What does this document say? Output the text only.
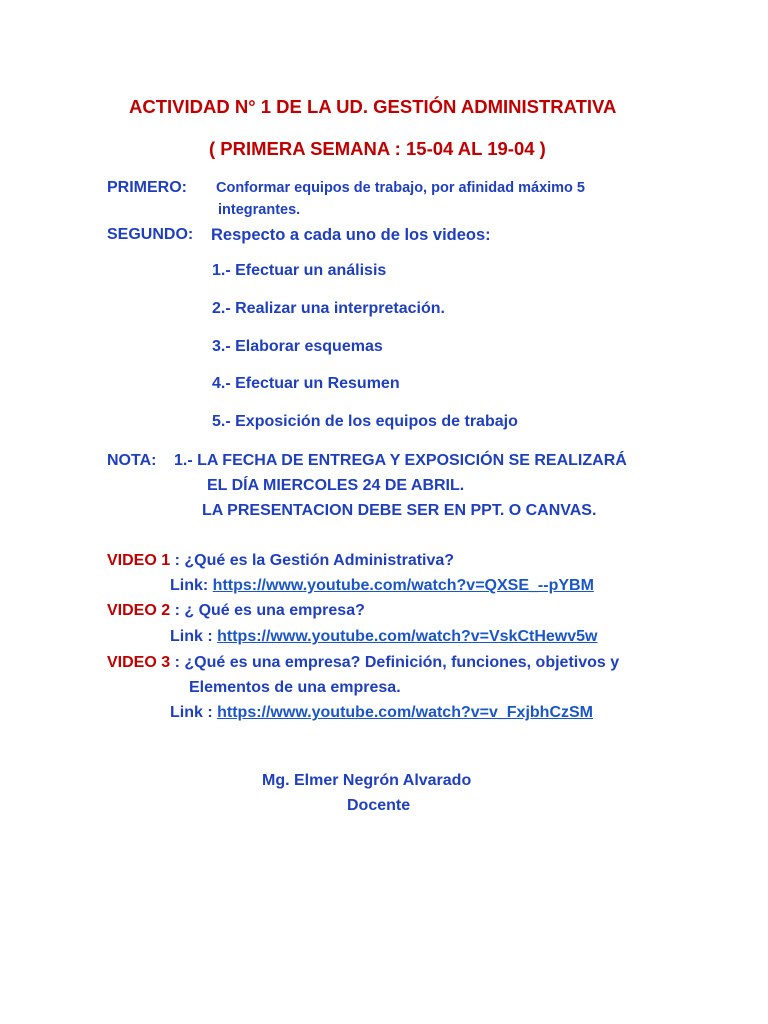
ACTIVIDAD N° 1 DE LA UD. GESTIÓN ADMINISTRATIVA
( PRIMERA SEMANA : 15-04 AL 19-04 )
PRIMERO: Conformar equipos de trabajo, por afinidad máximo 5
integrantes.
SEGUNDO: Respecto a cada uno de los videos:
1.- Efectuar un análisis
2.- Realizar una interpretación.
3.- Elaborar esquemas
4.- Efectuar un Resumen
5.- Exposición de los equipos de trabajo
NOTA: 1.- LA FECHA DE ENTREGA Y EXPOSICIÓN SE REALIZARÁ
EL DÍA MIERCOLES 24 DE ABRIL.
LA PRESENTACION DEBE SER EN PPT. O CANVAS.
VIDEO 1 : ¿Qué es la Gestión Administrativa?
Link: https://www.youtube.com/watch?v=QXSE_--pYBM
VIDEO 2 : ¿ Qué es una empresa?
Link : https://www.youtube.com/watch?v=VskCtHewv5w
VIDEO 3 : ¿Qué es una empresa? Definición, funciones, objetivos y
Elementos de una empresa.
Link : https://www.youtube.com/watch?v=v_FxjbhCzSM
Mg. Elmer Negrón Alvarado
Docente
